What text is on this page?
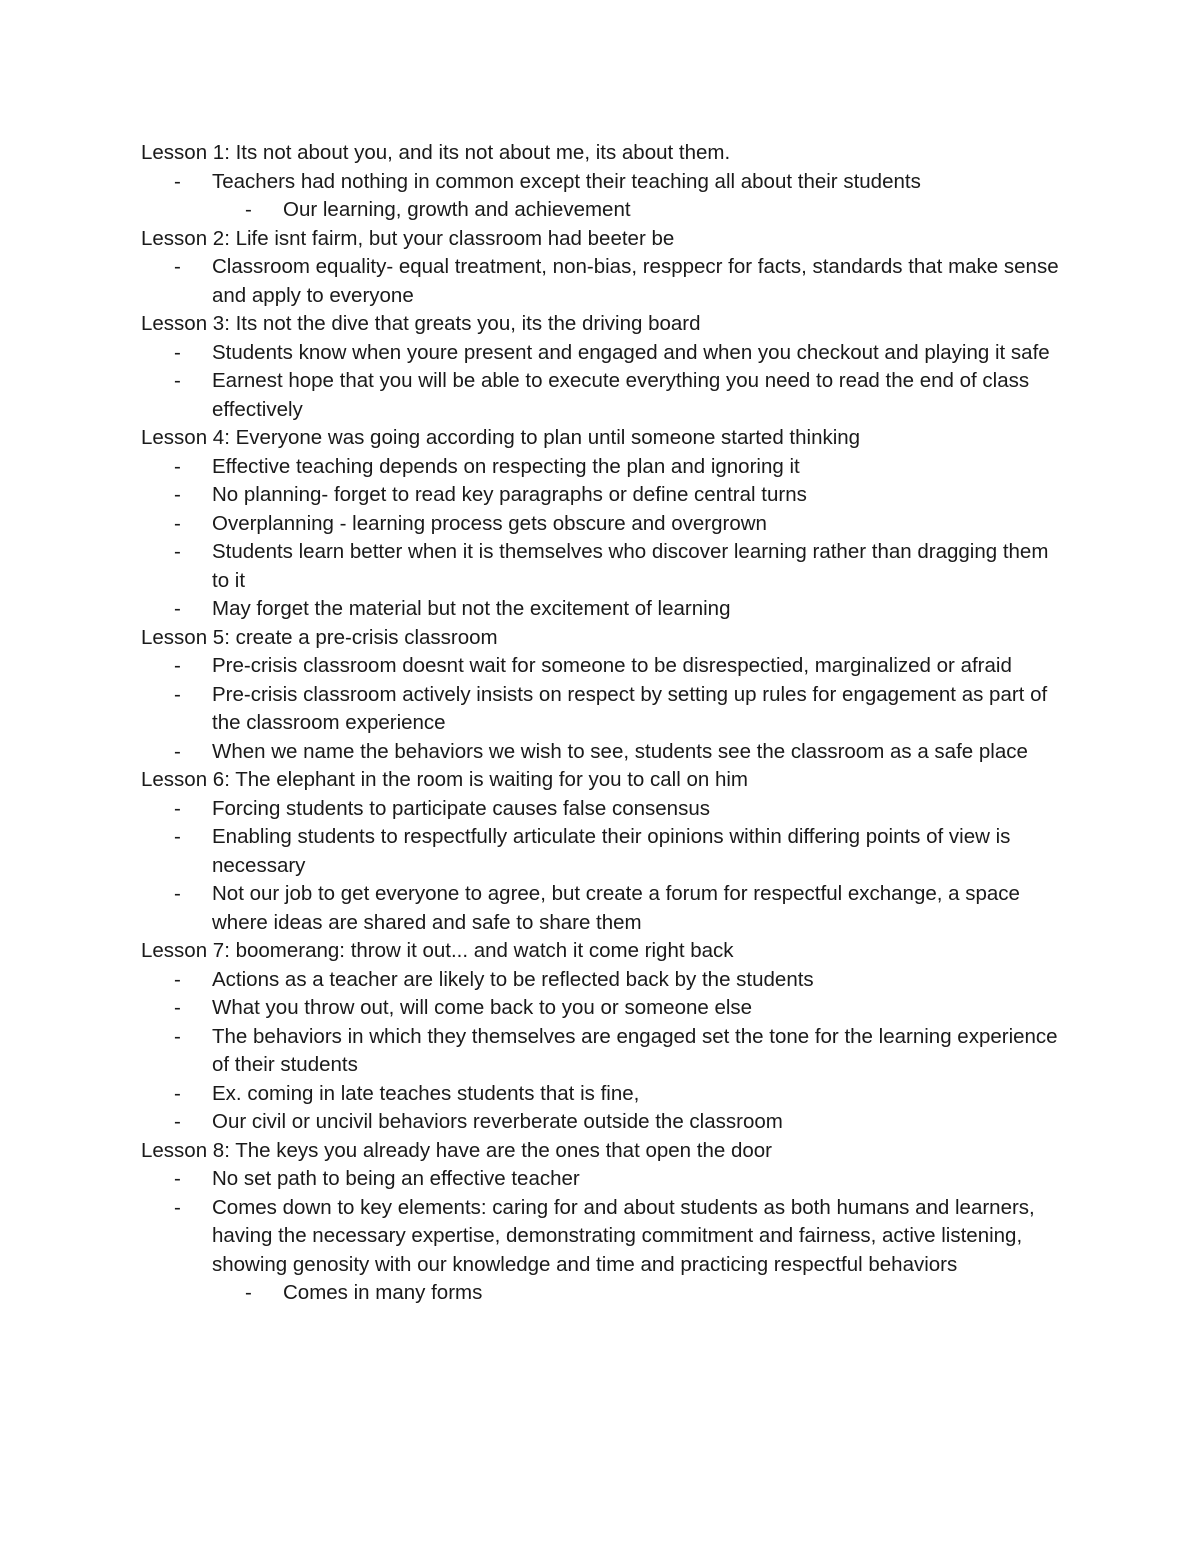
Lesson 1: Its not about you, and its not about me, its about them.
- Teachers had nothing in common except their teaching all about their students
- Our learning, growth and achievement
Lesson 2: Life isnt fairm, but your classroom had beeter be
- Classroom equality- equal treatment, non-bias, resppecr for facts, standards that make sense and apply to everyone
Lesson 3: Its not the dive that greats you, its the driving board
- Students know when youre present and engaged and when you checkout and playing it safe
- Earnest hope that you will be able to execute everything you need to read the end of class effectively
Lesson 4: Everyone was going according to plan until someone started thinking
- Effective teaching depends on respecting the plan and ignoring it
- No planning- forget to read key paragraphs or define central turns
- Overplanning - learning process gets obscure and overgrown
- Students learn better when it is themselves who discover learning rather than dragging them to it
- May forget the material but not the excitement of learning
Lesson 5: create a pre-crisis classroom
- Pre-crisis classroom doesnt wait for someone to be disrespectied, marginalized or afraid
- Pre-crisis classroom actively insists on respect by setting up rules for engagement as part of the classroom experience
- When we name the behaviors we wish to see, students see the classroom as a safe place
Lesson 6: The elephant in the room is waiting for you to call on him
- Forcing students to participate causes false consensus
- Enabling students to respectfully articulate their opinions within differing points of view is necessary
- Not our job to get everyone to agree, but create a forum for respectful exchange, a space where ideas are shared and safe to share them
Lesson 7: boomerang: throw it out... and watch it come right back
- Actions as a teacher are likely to be reflected back by the students
- What you throw out, will come back to you or someone else
- The behaviors in which they themselves are engaged set the tone for the learning experience of their students
- Ex. coming in late teaches students that is fine,
- Our civil or uncivil behaviors reverberate outside the classroom
Lesson 8: The keys you already have are the ones that open the door
- No set path to being an effective teacher
- Comes down to key elements: caring for and about students as both humans and learners, having the necessary expertise, demonstrating commitment and fairness, active listening, showing genosity with our knowledge and time and practicing respectful behaviors
- Comes in many forms
